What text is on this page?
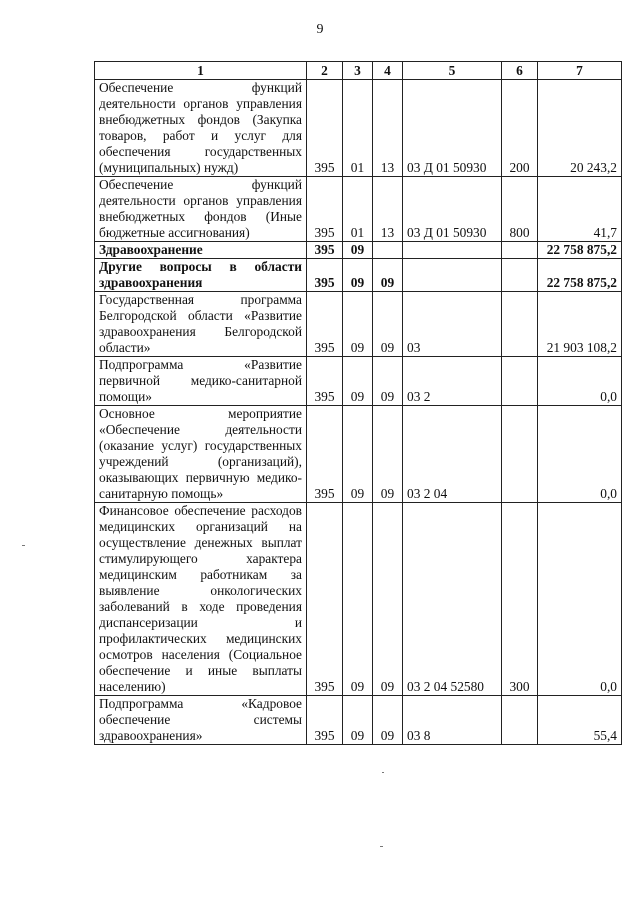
9
1	2	3	4	5	6	7
Обеспечение функций деятельности органов управления внебюджетных фондов (Закупка товаров, работ и услуг для обеспечения государственных (муниципальных) нужд)	395	01	13	03 Д 01 50930	200	20 243,2
Обеспечение функций деятельности органов управления внебюджетных фондов (Иные бюджетные ассигнования)	395	01	13	03 Д 01 50930	800	41,7
Здравоохранение	395	09				22 758 875,2
Другие вопросы в области здравоохранения	395	09	09			22 758 875,2
Государственная программа Белгородской области «Развитие здравоохранения Белгородской области»	395	09	09	03		21 903 108,2
Подпрограмма «Развитие первичной медико-санитарной помощи»	395	09	09	03 2		0,0
Основное мероприятие «Обеспечение деятельности (оказание услуг) государственных учреждений (организаций), оказывающих первичную медико-санитарную помощь»	395	09	09	03 2 04		0,0
Финансовое обеспечение расходов медицинских организаций на осуществление денежных выплат стимулирующего характера медицинским работникам за выявление онкологических заболеваний в ходе проведения диспансеризации и профилактических медицинских осмотров населения (Социальное обеспечение и иные выплаты населению)	395	09	09	03 2 04 52580	300	0,0
Подпрограмма «Кадровое обеспечение системы здравоохранения»	395	09	09	03 8		55,4
